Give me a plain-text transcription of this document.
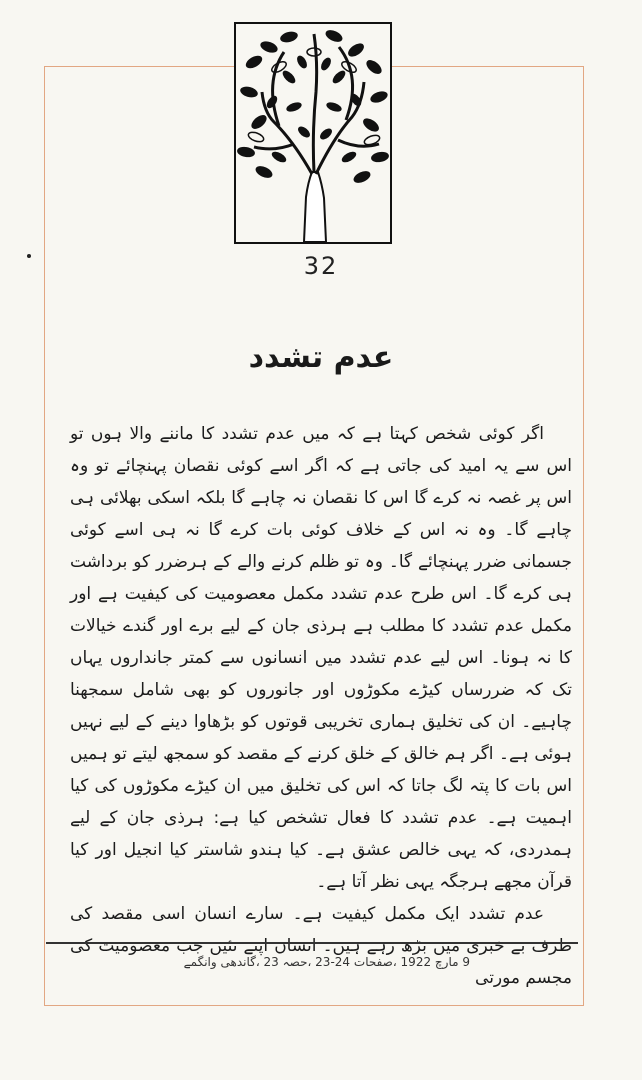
32
عدم تشدد

اگر کوئی شخص کہتا ہے کہ میں عدم تشدد کا ماننے والا ہوں تو اس سے یہ امید کی جاتی ہے کہ اگر اسے کوئی نقصان پہنچائے تو وہ اس پر غصہ نہ کرے گا اس کا نقصان نہ چاہے گا بلکہ اسکی بھلائی ہی چاہے گا۔ وہ نہ اس کے خلاف کوئی بات کرے گا نہ ہی اسے کوئی جسمانی ضرر پہنچائے گا۔ وہ تو ظلم کرنے والے کے ہرضرر کو برداشت ہی کرے گا۔ اس طرح عدم تشدد مکمل معصومیت کی کیفیت ہے اور مکمل عدم تشدد کا مطلب ہے ہرذی جان کے لیے برے اور گندے خیالات کا نہ ہونا۔ اس لیے عدم تشدد میں انسانوں سے کمتر جانداروں یہاں تک کہ ضررساں کیڑے مکوڑوں اور جانوروں کو بھی شامل سمجھنا چاہیے۔ ان کی تخلیق ہماری تخریبی قوتوں کو بڑھاوا دینے کے لیے نہیں ہوئی ہے۔ اگر ہم خالق کے خلق کرنے کے مقصد کو سمجھ لیتے تو ہمیں اس بات کا پتہ لگ جاتا کہ اس کی تخلیق میں ان کیڑے مکوڑوں کی کیا اہمیت ہے۔ عدم تشدد کا فعال تشخص کیا ہے: ہرذی جان کے لیے ہمدردی، کہ یہی خالص عشق ہے۔ کیا ہندو شاستر کیا انجیل اور کیا قرآن مجھے ہرجگہ یہی نظر آتا ہے۔

عدم تشدد ایک مکمل کیفیت ہے۔ سارے انسان اسی مقصد کی طرف بے خبری میں بڑھ رہے ہیں۔ انسان اپنے تئیں جب معصومیت کی مجسم مورتی

9 مارچ 1922 ،صفحات 24-23 ،حصہ 23 ،گاندھی وانگمے
